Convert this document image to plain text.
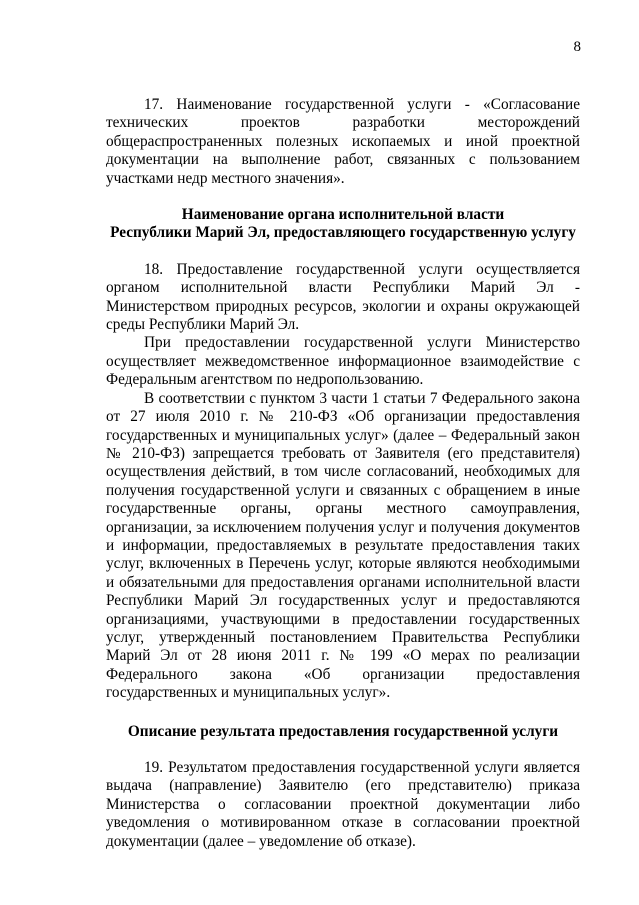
8

17. Наименование государственной услуги - «Согласование технических проектов разработки месторождений общераспространенных полезных ископаемых и иной проектной документации на выполнение работ, связанных с пользованием участками недр местного значения».

Наименование органа исполнительной власти
Республики Марий Эл, предоставляющего государственную услугу

18. Предоставление государственной услуги осуществляется органом исполнительной власти Республики Марий Эл - Министерством природных ресурсов, экологии и охраны окружающей среды Республики Марий Эл.

При предоставлении государственной услуги Министерство осуществляет межведомственное информационное взаимодействие с Федеральным агентством по недропользованию.

В соответствии с пунктом 3 части 1 статьи 7 Федерального закона от 27 июля 2010 г. № 210-ФЗ «Об организации предоставления государственных и муниципальных услуг» (далее – Федеральный закон № 210-ФЗ) запрещается требовать от Заявителя (его представителя) осуществления действий, в том числе согласований, необходимых для получения государственной услуги и связанных с обращением в иные государственные органы, органы местного самоуправления, организации, за исключением получения услуг и получения документов и информации, предоставляемых в результате предоставления таких услуг, включенных в Перечень услуг, которые являются необходимыми и обязательными для предоставления органами исполнительной власти Республики Марий Эл государственных услуг и предоставляются организациями, участвующими в предоставлении государственных услуг, утвержденный постановлением Правительства Республики Марий Эл от 28 июня 2011 г. № 199 «О мерах по реализации Федерального закона «Об организации предоставления государственных и муниципальных услуг».

Описание результата предоставления государственной услуги

19. Результатом предоставления государственной услуги является выдача (направление) Заявителю (его представителю) приказа Министерства о согласовании проектной документации либо уведомления о мотивированном отказе в согласовании проектной документации (далее – уведомление об отказе).
